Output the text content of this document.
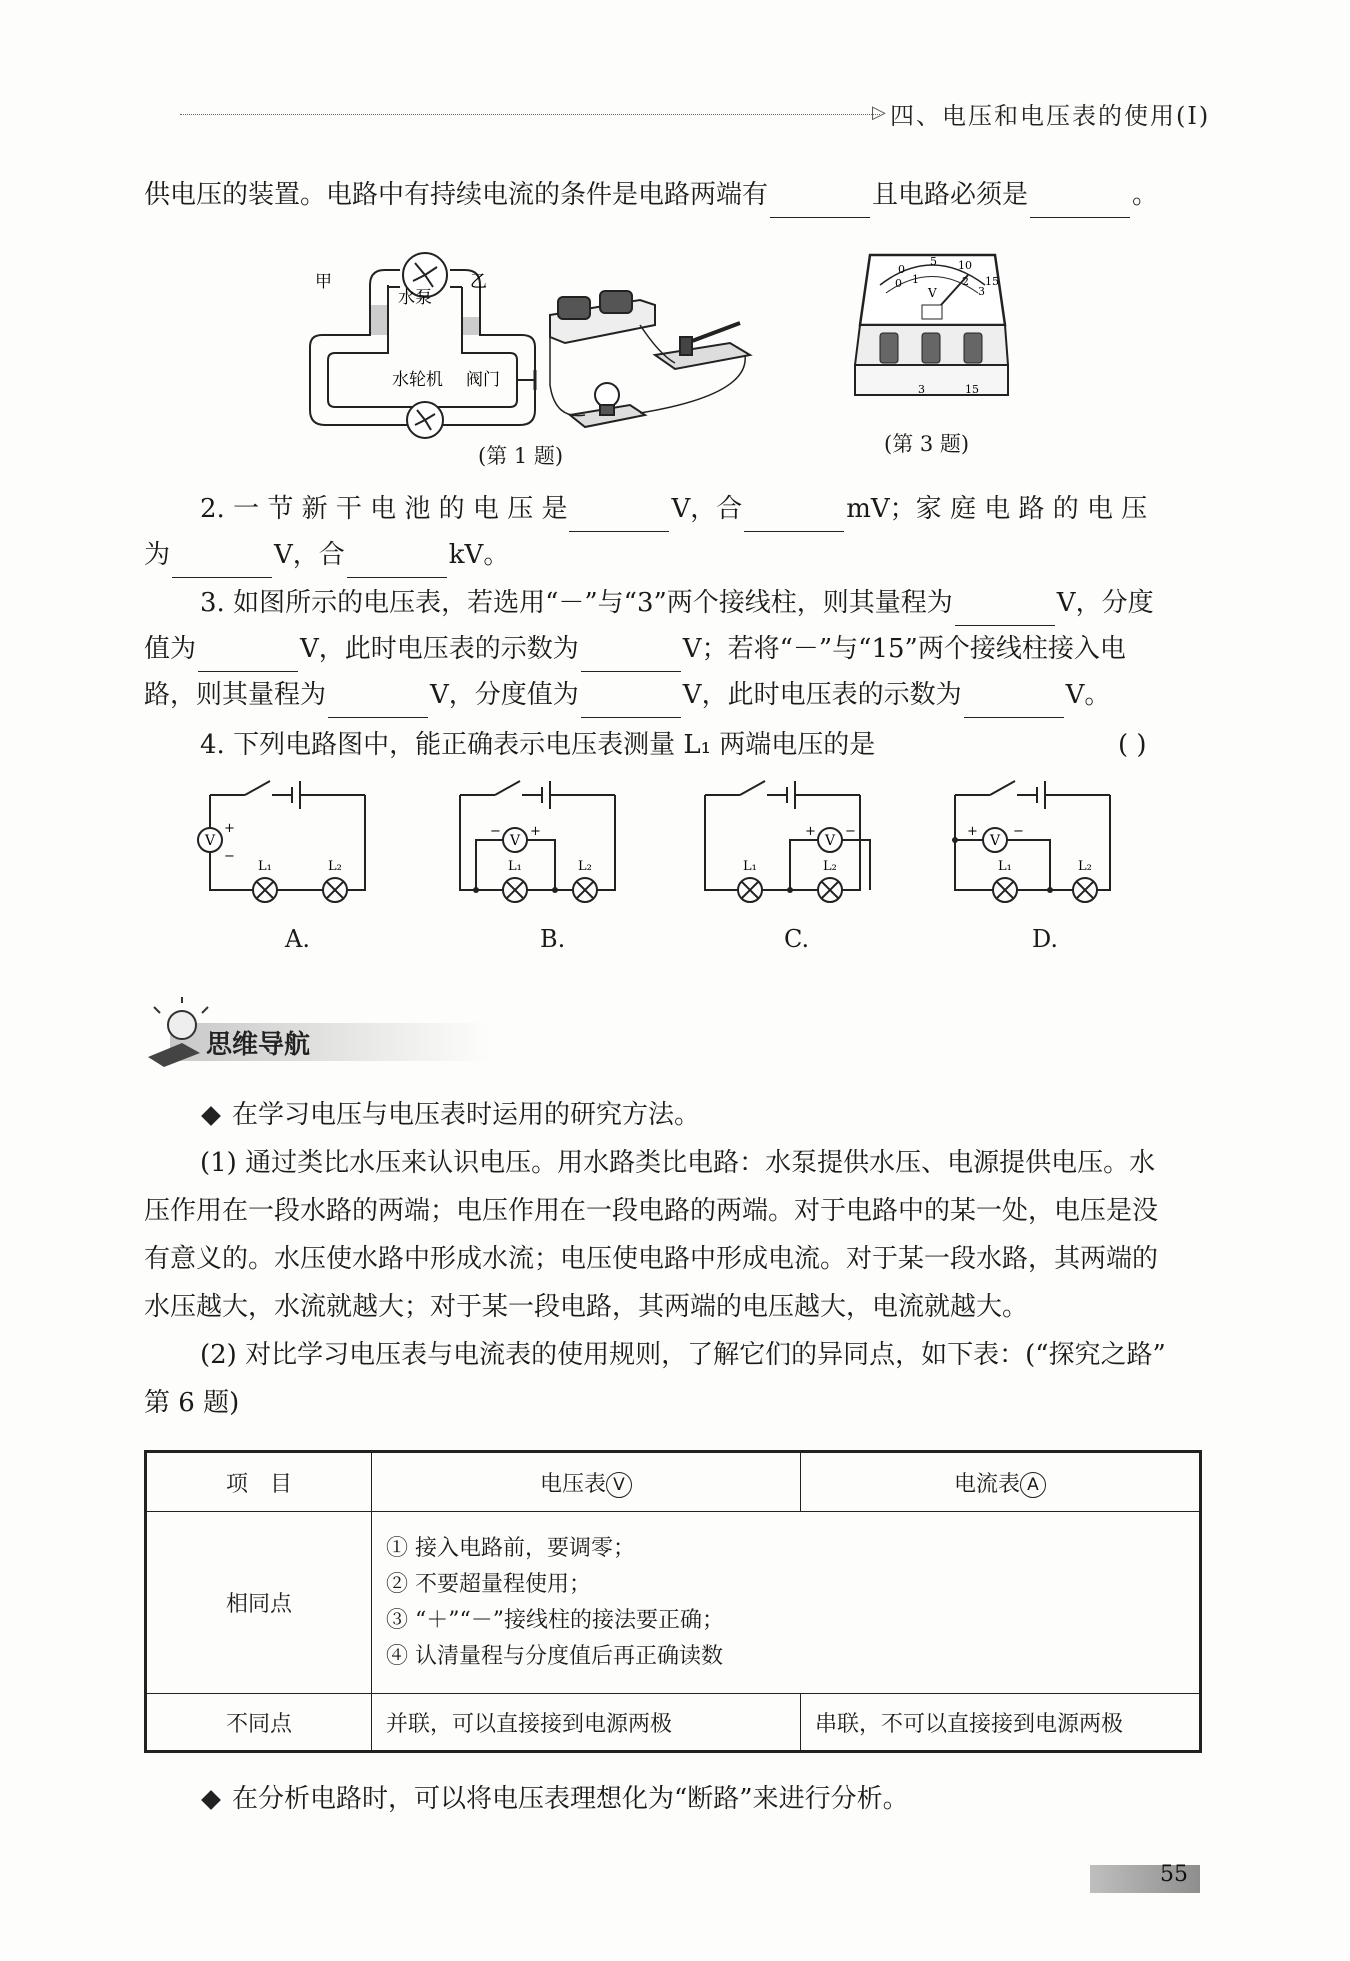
▷ 四、电压和电压表的使用(Ⅰ)
供电压的装置。电路中有持续电流的条件是电路两端有	且电路必须是	。
甲	乙
水泵
水轮机 阀门
(第 1 题)
0
5 10
15
0 1	2
3
V
3	15
(第 3 题)
2. 一 节 新 干 电 池 的 电 压 是	V，合	mV；家 庭 电 路 的 电 压
为	V，合	kV。
3. 如图所示的电压表，若选用“－”与“3”两个接线柱，则其量程为	V，分度
值为	V，此时电压表的示数为	V；若将“－”与“15”两个接线柱接入电
路，则其量程为	V，分度值为	V，此时电压表的示数为	V。
4. 下列电路图中，能正确表示电压表测量 L₁ 两端电压的是	( )
V
+
−
L₁	L₂
V
+
−
L₁	L₂
V
+ −
L₁	L₂
V
+	−
L₁	L₂
A.	B.	C.	D.
思维导航
在学习电压与电压表时运用的研究方法。
(1) 通过类比水压来认识电压。用水路类比电路：水泵提供水压、电源提供电压。水
压作用在一段水路的两端；电压作用在一段电路的两端。对于电路中的某一处，电压是没
有意义的。水压使水路中形成水流；电压使电路中形成电流。对于某一段水路，其两端的
水压越大，水流就越大；对于某一段电路，其两端的电压越大，电流就越大。
(2) 对比学习电压表与电流表的使用规则，了解它们的异同点，如下表：(“探究之路”
第 6 题)
项　目	电压表 V	电流表 A
相同点	① 接入电路前，要调零；
② 不要超量程使用；
③ “＋”“－”接线柱的接法要正确；
④ 认清量程与分度值后再正确读数	

不同点	并联，可以直接接到电源两极	串联，不可以直接接到电源两极
在分析电路时，可以将电压表理想化为“断路”来进行分析。
55
